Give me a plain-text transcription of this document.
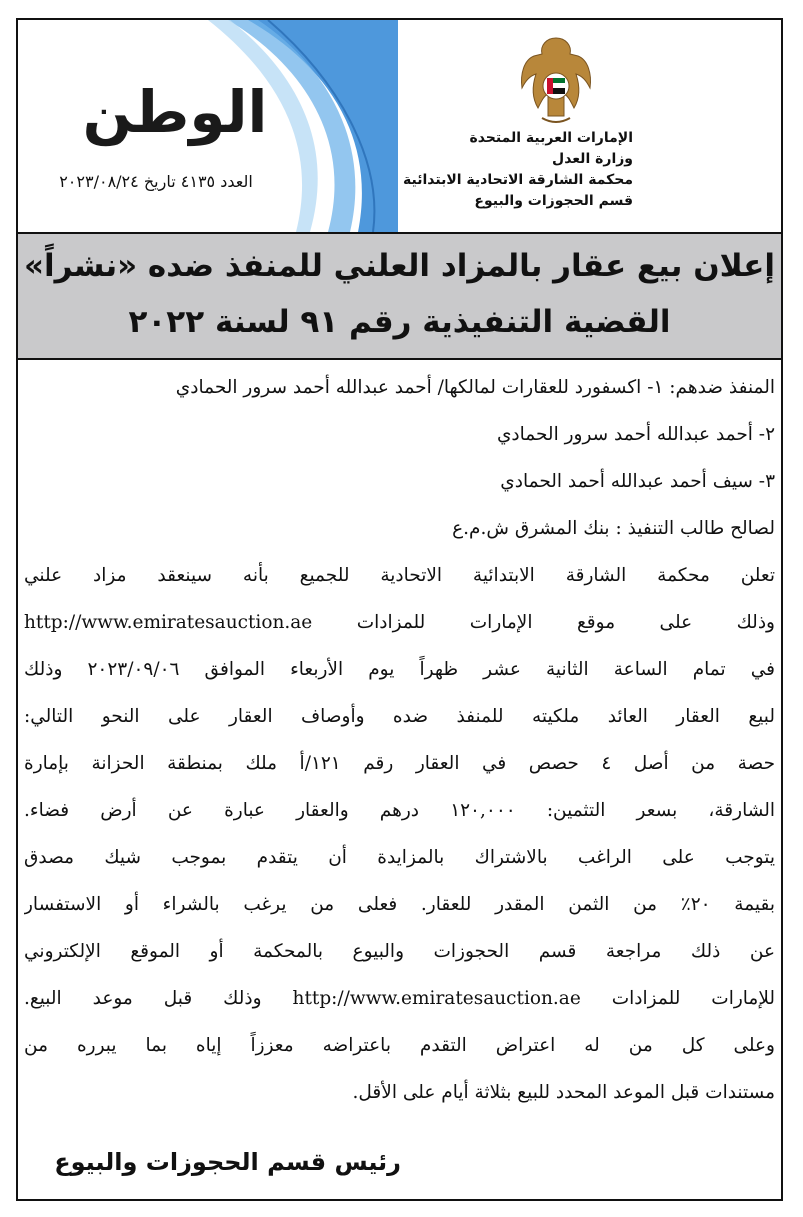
الوطن
العدد ٤١٣٥ تاريخ ٢٠٢٣/٠٨/٢٤
الإمارات العربية المتحدة
وزارة العدل
محكمة الشارقة الاتحادية الابتدائية
قسم الحجوزات والبيوع
إعلان بيع عقار بالمزاد العلني للمنفذ ضده «نشراً»
القضية التنفيذية رقم ٩١ لسنة ٢٠٢٢

المنفذ ضدهم: ١- اكسفورد للعقارات لمالكها/ أحمد عبدالله أحمد سرور الحمادي

٢- أحمد عبدالله أحمد سرور الحمادي

٣- سيف أحمد عبدالله أحمد الحمادي

لصالح طالب التنفيذ : بنك المشرق ش.م.ع

تعلن محكمة الشارقة الابتدائية الاتحادية للجميع بأنه سينعقد مزاد علني

وذلك على موقع الإمارات للمزادات http://www.emiratesauction.ae

في تمام الساعة الثانية عشر ظهراً يوم الأربعاء الموافق ٢٠٢٣/٠٩/٠٦ وذلك

لبيع العقار العائد ملكيته للمنفذ ضده وأوصاف العقار على النحو التالي:

حصة من أصل ٤ حصص في العقار رقم ١٢١/أ ملك بمنطقة الحزانة بإمارة

الشارقة، بسعر التثمين: ١٢٠,٠٠٠ درهم والعقار عبارة عن أرض فضاء.

يتوجب على الراغب بالاشتراك بالمزايدة أن يتقدم بموجب شيك مصدق

بقيمة ٢٠٪ من الثمن المقدر للعقار. فعلى من يرغب بالشراء أو الاستفسار

عن ذلك مراجعة قسم الحجوزات والبيوع بالمحكمة أو الموقع الإلكتروني

للإمارات للمزادات http://www.emiratesauction.ae وذلك قبل موعد البيع.

وعلى كل من له اعتراض التقدم باعتراضه معززاً إياه بما يبرره من

مستندات قبل الموعد المحدد للبيع بثلاثة أيام على الأقل.

رئيس قسم الحجوزات والبيوع
